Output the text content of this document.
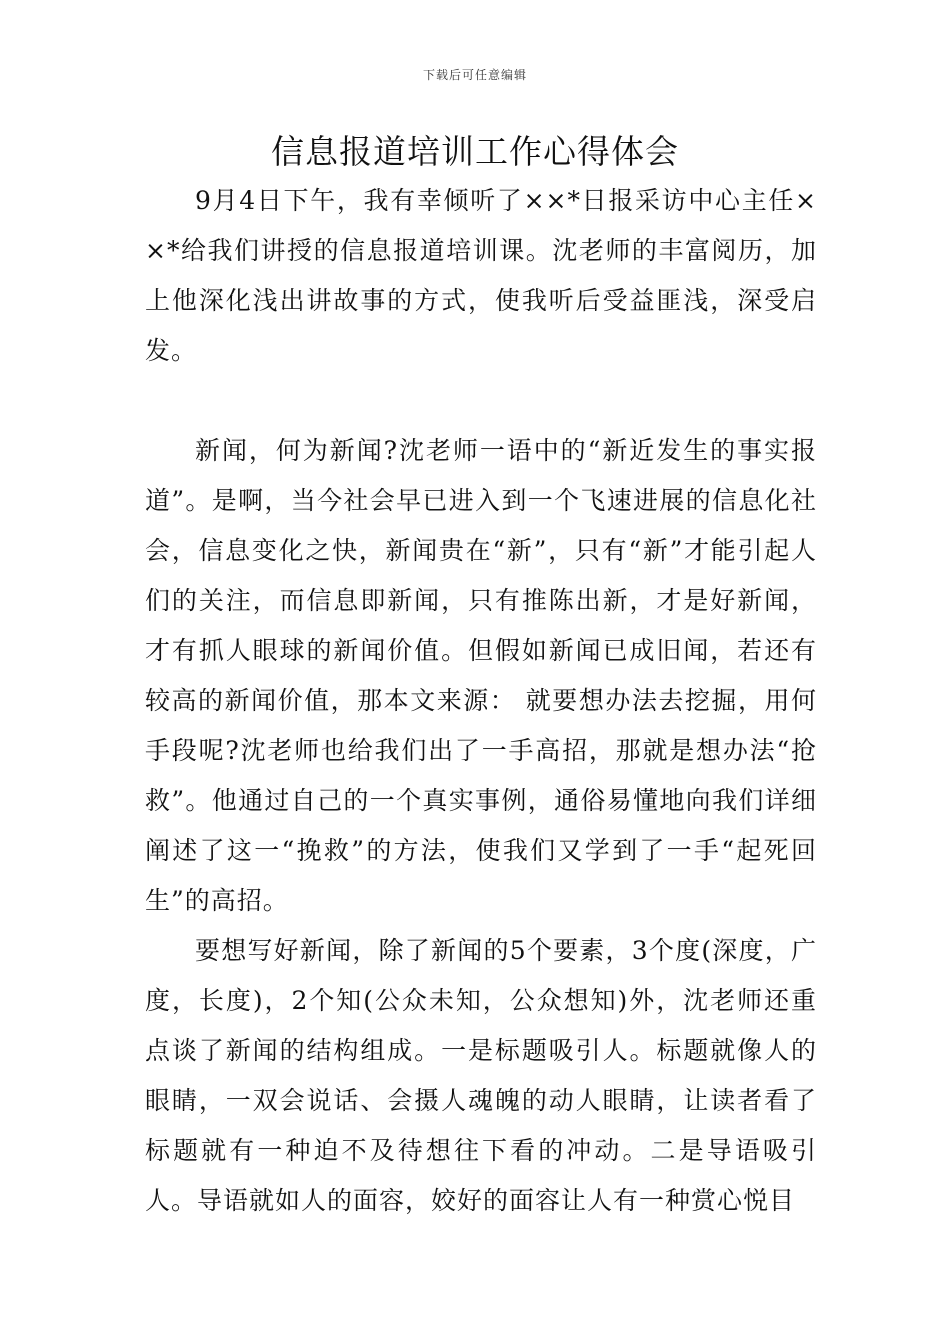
下载后可任意编辑
信息报道培训工作心得体会

9月4日下午，我有幸倾听了××*日报采访中心主任××*给我们讲授的信息报道培训课。沈老师的丰富阅历，加上他深化浅出讲故事的方式，使我听后受益匪浅，深受启发。

新闻，何为新闻?沈老师一语中的“新近发生的事实报道”。是啊，当今社会早已进入到一个飞速进展的信息化社会，信息变化之快，新闻贵在“新”，只有“新”才能引起人们的关注，而信息即新闻，只有推陈出新，才是好新闻，才有抓人眼球的新闻价值。但假如新闻已成旧闻，若还有较高的新闻价值，那本文来源： 就要想办法去挖掘，用何手段呢?沈老师也给我们出了一手高招，那就是想办法“抢救”。他通过自己的一个真实事例，通俗易懂地向我们详细阐述了这一“挽救”的方法，使我们又学到了一手“起死回生”的高招。

要想写好新闻，除了新闻的5个要素，3个度(深度，广度，长度)，2个知(公众未知，公众想知)外，沈老师还重点谈了新闻的结构组成。一是标题吸引人。标题就像人的眼睛，一双会说话、会摄人魂魄的动人眼睛，让读者看了标题就有一种迫不及待想往下看的冲动。二是导语吸引人。导语就如人的面容，姣好的面容让人有一种赏心悦目
